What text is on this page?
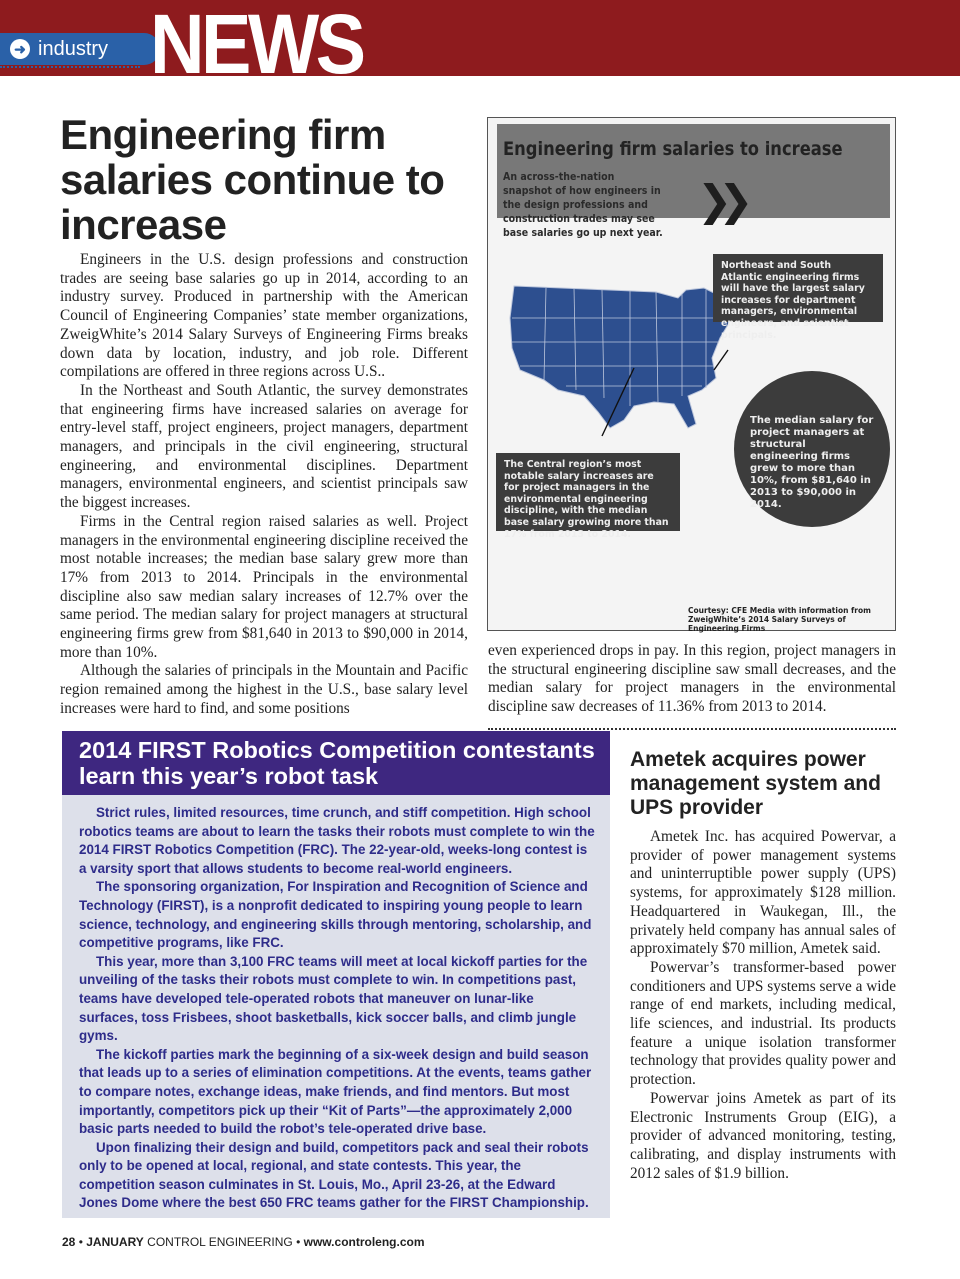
➜ industry NEWS
Engineering firm salaries continue to increase

Engineers in the U.S. design professions and construction trades are seeing base salaries go up in 2014, according to an industry survey. Produced in partnership with the American Council of Engineering Companies’ state member organizations, ZweigWhite’s 2014 Salary Surveys of Engineering Firms breaks down data by location, industry, and job role. Different compilations are offered in three regions across U.S..

In the Northeast and South Atlantic, the survey demonstrates that engineering firms have increased salaries on average for entry-level staff, project engineers, project managers, department managers, and principals in the civil engineering, structural engineering, and environmental disciplines. Department managers, environmental engineers, and scientist principals saw the biggest increases.

Firms in the Central region raised salaries as well. Project managers in the environmental engineering discipline received the most notable increases; the median base salary grew more than 17% from 2013 to 2014. Principals in the environmental discipline also saw median salary increases of 12.7% over the same period. The median salary for project managers at structural engineering firms grew from $81,640 in 2013 to $90,000 in 2014, more than 10%.

Although the salaries of principals in the Mountain and Pacific region remained among the highest in the U.S., base salary level increases were hard to find, and some positions

even experienced drops in pay. In this region, project managers in the structural engineering discipline saw small decreases, and the median salary for project managers in the environmental discipline saw decreases of 11.36% from 2013 to 2014.
Engineering firm salaries to increase
An across-the-nation snapshot of how engineers in the design professions and construction trades may see base salaries go up next year.
❯❯
Northeast and South Atlantic engineering firms will have the largest salary increases for department managers, environmental engineers, and scientist principals.
The Central region’s most notable salary increases are for project managers in the environmental engineering discipline, with the median base salary growing more than 17% from 2013 to 2014.
The median salary for project managers at structural engineering firms grew to more than 10%, from $81,640 in 2013 to $90,000 in 2014.
Courtesy: CFE Media with information from ZweigWhite’s 2014 Salary Surveys of Engineering Firms
2014 FIRST Robotics Competition contestants learn this year’s robot task

Strict rules, limited resources, time crunch, and stiff competition. High school robotics teams are about to learn the tasks their robots must complete to win the 2014 FIRST Robotics Competition (FRC). The 22-year-old, weeks-long contest is a varsity sport that allows students to become real-world engineers.

The sponsoring organization, For Inspiration and Recognition of Science and Technology (FIRST), is a nonprofit dedicated to inspiring young people to learn science, technology, and engineering skills through mentoring, scholarship, and competitive programs, like FRC.

This year, more than 3,100 FRC teams will meet at local kickoff parties for the unveiling of the tasks their robots must complete to win. In competitions past, teams have developed tele-operated robots that maneuver on lunar-like surfaces, toss Frisbees, shoot basketballs, kick soccer balls, and climb jungle gyms.

The kickoff parties mark the beginning of a six-week design and build season that leads up to a series of elimination competitions. At the events, teams gather to compare notes, exchange ideas, make friends, and find mentors. But most importantly, competitors pick up their “Kit of Parts”—the approximately 2,000 basic parts needed to build the robot’s tele-operated drive base.

Upon finalizing their design and build, competitors pack and seal their robots only to be opened at local, regional, and state contests. This year, the competition season culminates in St. Louis, Mo., April 23-26, at the Edward Jones Dome where the best 650 FRC teams gather for the FIRST Championship.

Ametek acquires power management system and UPS provider

Ametek Inc. has acquired Powervar, a provider of power management systems and uninterruptible power supply (UPS) systems, for approximately $128 million. Headquartered in Waukegan, Ill., the privately held company has annual sales of approximately $70 million, Ametek said.

Powervar’s transformer-based power conditioners and UPS systems serve a wide range of end markets, including medical, life sciences, and industrial. Its products feature a unique isolation transformer technology that provides quality power and protection.

Powervar joins Ametek as part of its Electronic Instruments Group (EIG), a provider of advanced monitoring, testing, calibrating, and display instruments with 2012 sales of $1.9 billion.

28 • JANUARY CONTROL ENGINEERING • www.controleng.com
